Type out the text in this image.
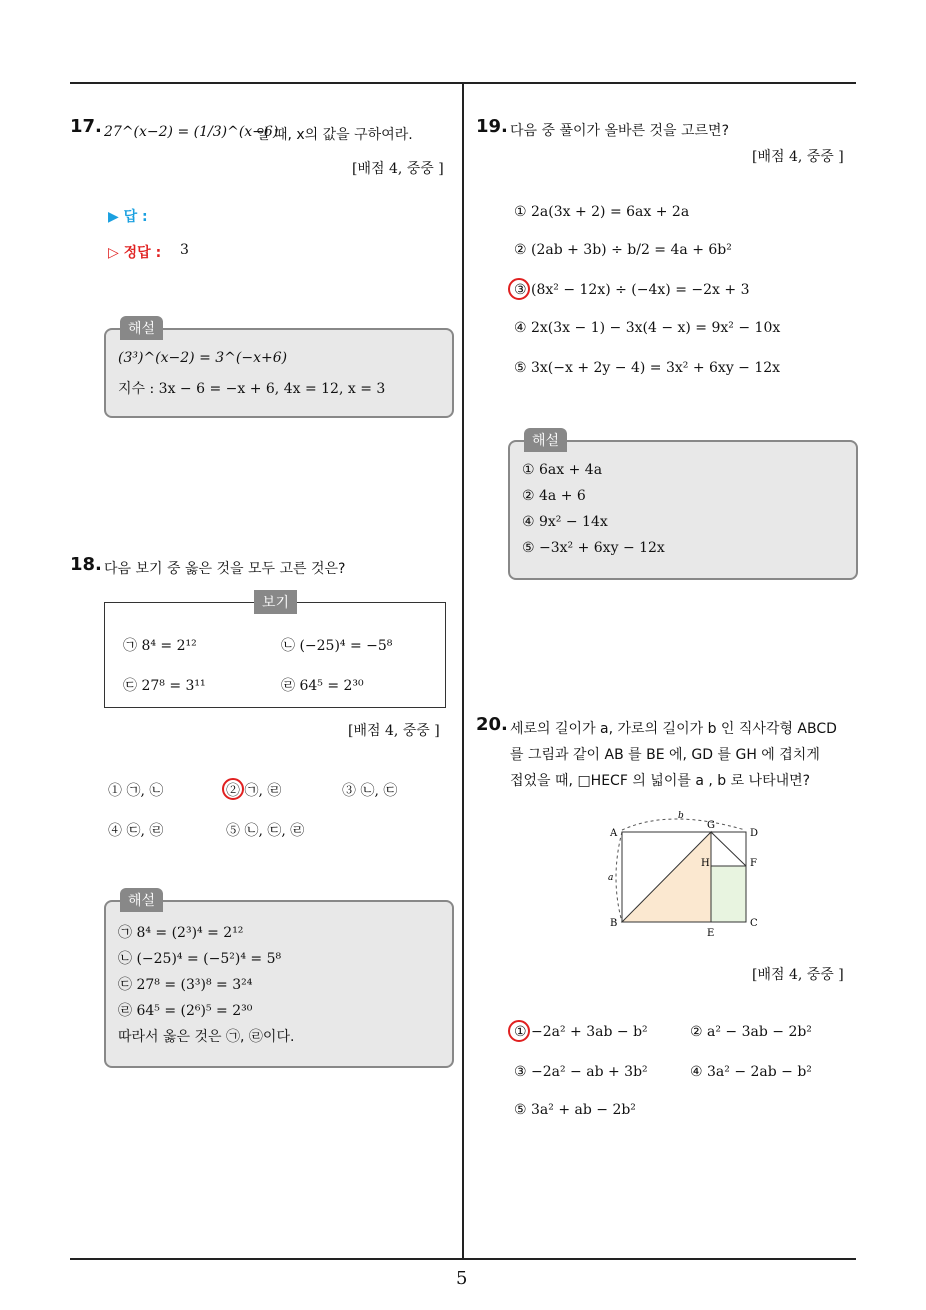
5
17. 27^(x−2) = (1/3)^(x−6)
일 때, x의 값을 구하여라.
[배점 4, 중중 ]
▶ 답 :
▷ 정답 : 3
(3³)^(x−2) = 3^(−x+6)
지수 : 3x − 6 = −x + 6, 4x = 12, x = 3
해설
18. 다음 보기 중 옳은 것을 모두 고른 것은?
㉠ 8⁴ = 2¹²	㉡ (−25)⁴ = −5⁸
㉢ 27⁸ = 3¹¹	㉣ 64⁵ = 2³⁰
보기
[배점 4, 중중 ]
① ㉠, ㉡	② ㉠, ㉣	③ ㉡, ㉢
④ ㉢, ㉣	⑤ ㉡, ㉢, ㉣
㉠ 8⁴ = (2³)⁴ = 2¹²
㉡ (−25)⁴ = (−5²)⁴ = 5⁸
㉢ 27⁸ = (3³)⁸ = 3²⁴
㉣ 64⁵ = (2⁶)⁵ = 2³⁰
따라서 옳은 것은 ㉠, ㉣이다.
해설
19. 다음 중 풀이가 올바른 것을 고르면?
[배점 4, 중중 ]
① 2a(3x + 2) = 6ax + 2a
② (2ab + 3b) ÷ b/2 = 4a + 6b²
③ (8x² − 12x) ÷ (−4x) = −2x + 3
④ 2x(3x − 1) − 3x(4 − x) = 9x² − 10x
⑤ 3x(−x + 2y − 4) = 3x² + 6xy − 12x
① 6ax + 4a
② 4a + 6
④ 9x² − 14x
⑤ −3x² + 6xy − 12x
해설
20. 세로의 길이가 a, 가로의 길이가 b 인 직사각형 ABCD
를 그림과 같이 AB 를 BE 에, GD 를 GH 에 겹치게
접었을 때, □HECF 의 넓이를 a , b 로 나타내면?
A
B	C
D
E
F
G
H
a
b
[배점 4, 중중 ]
① −2a² + 3ab − b²	② a² − 3ab − 2b²
③ −2a² − ab + 3b²	④ 3a² − 2ab − b²
⑤ 3a² + ab − 2b²
